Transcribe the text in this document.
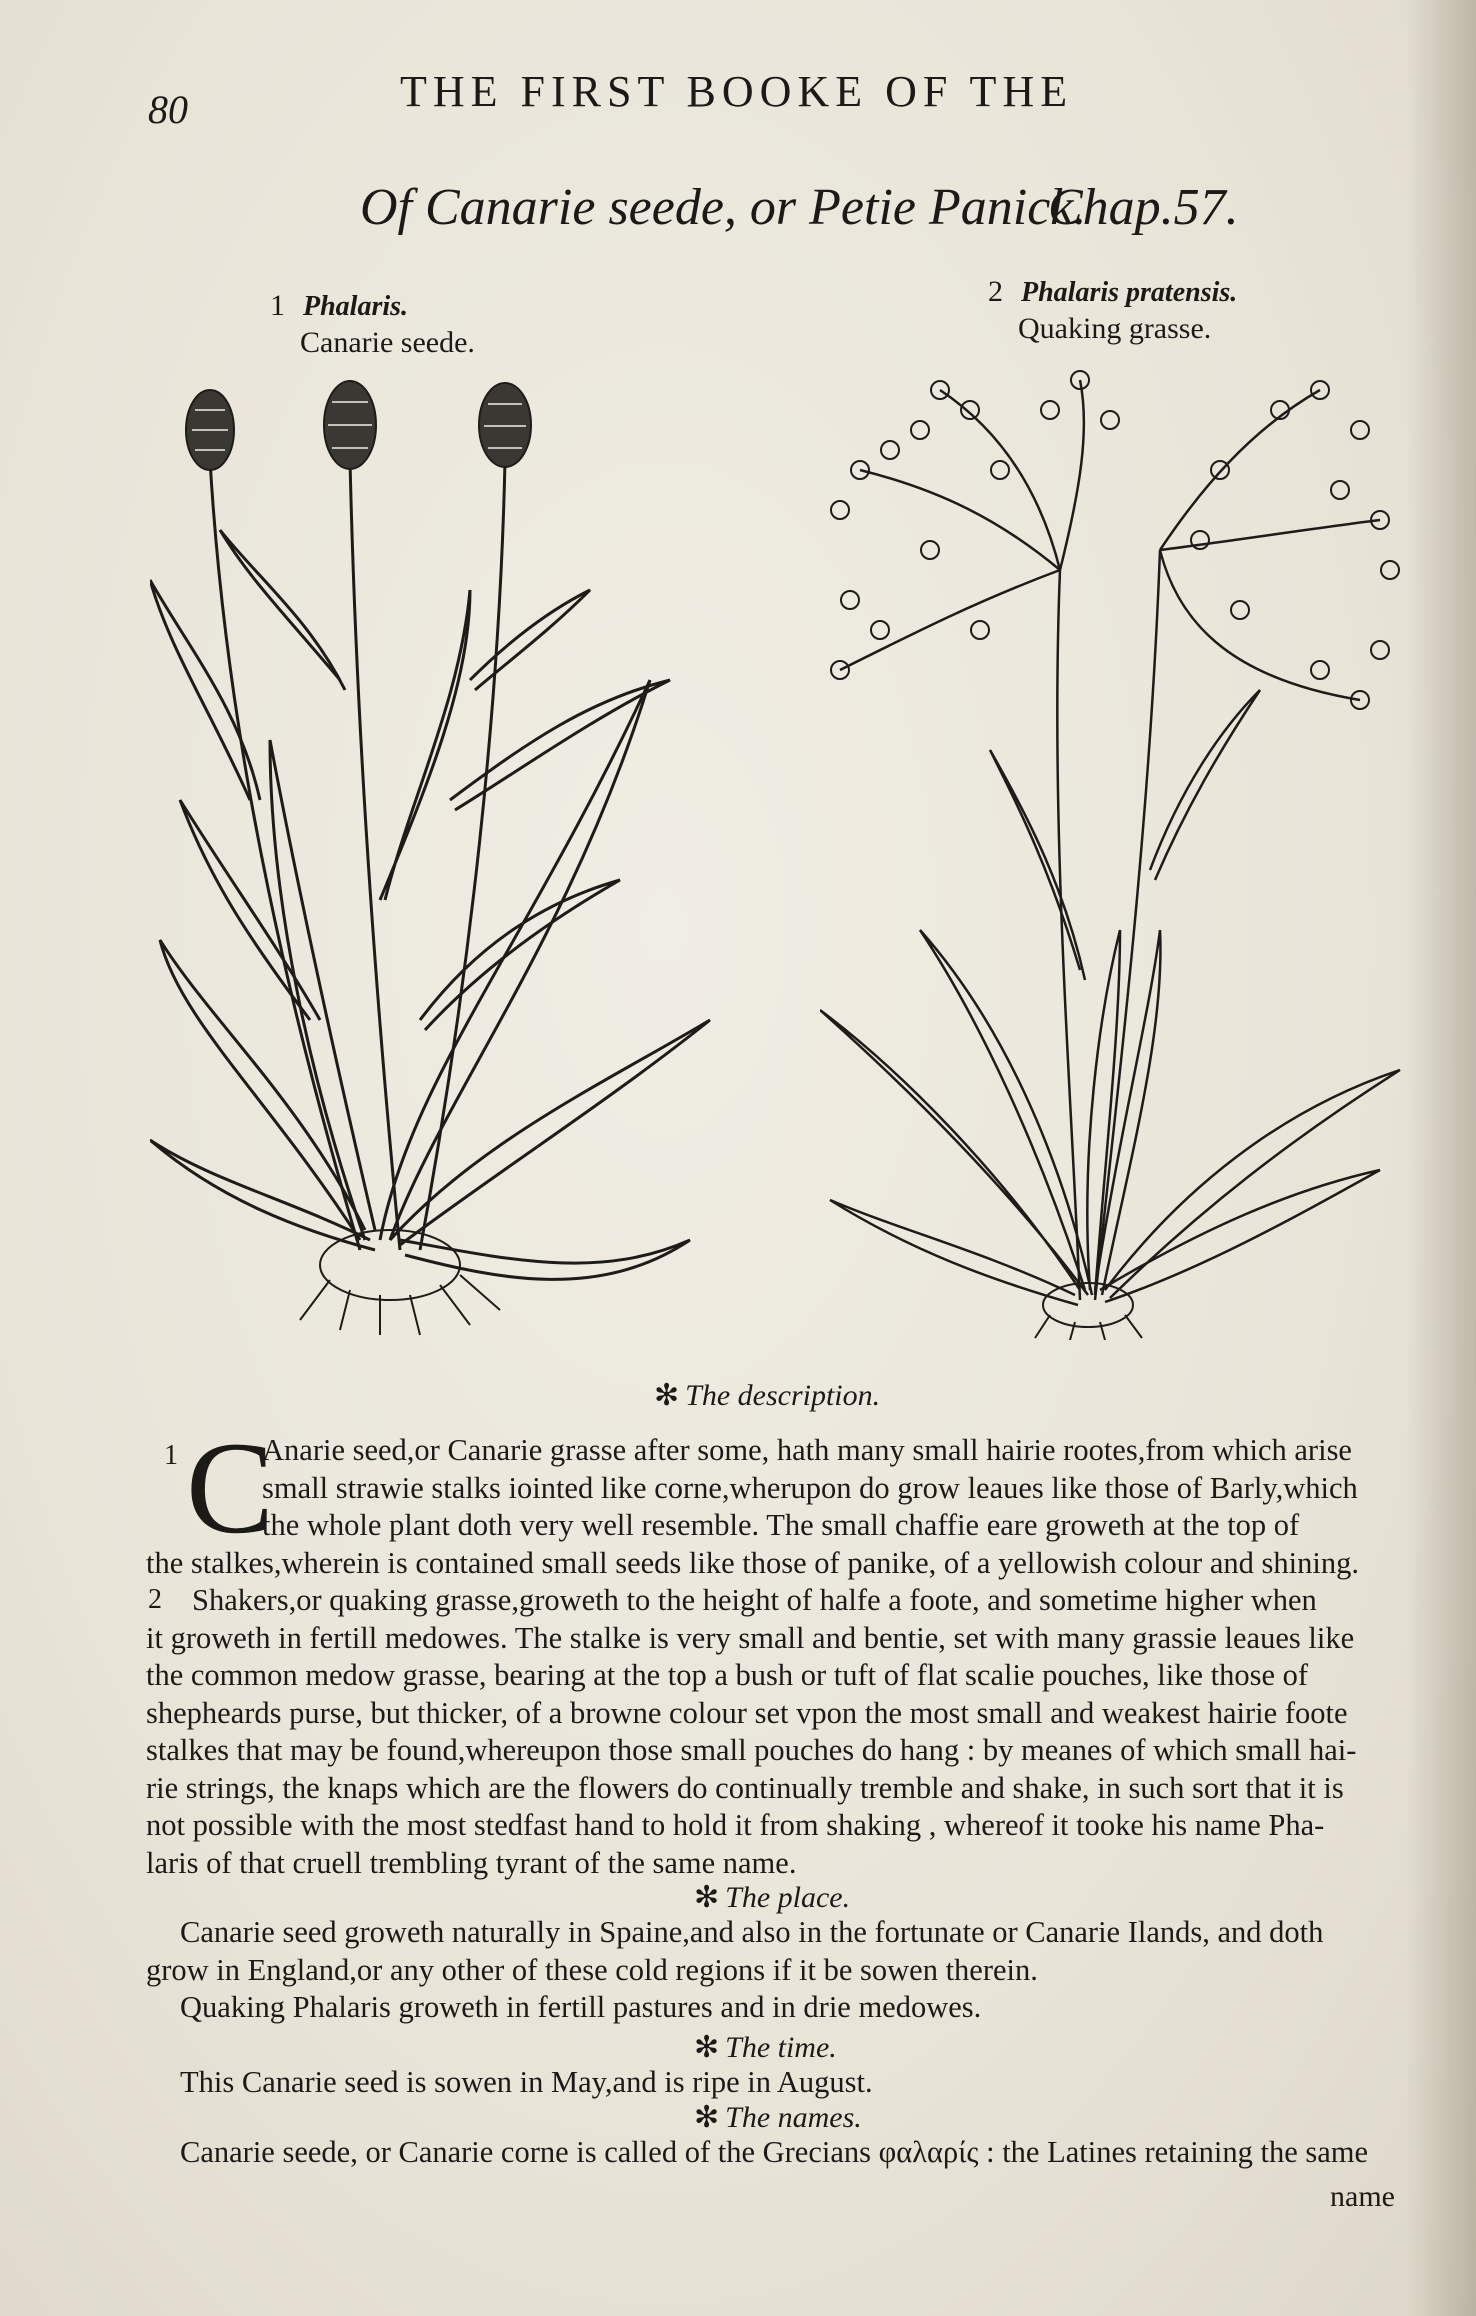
80	THE FIRST BOOKE OF THE
Of Canarie seede, or Petie Panick.
Chap.57.
1 Phalaris.
Canarie seede.
2 Phalaris pratensis.
Quaking grasse.
✻ The description.
1 C
Anarie seed,or Canarie grasse after some, hath many small hairie rootes,from which arise
small strawie stalks iointed like corne,wherupon do grow leaues like those of Barly,which
the whole plant doth very well resemble. The small chaffie eare groweth at the top of
the stalkes,wherein is contained small seeds like those of panike, of a yellowish colour and shining.
2 Shakers,or quaking grasse,groweth to the height of halfe a foote, and sometime higher when
it groweth in fertill medowes. The stalke is very small and bentie, set with many grassie leaues like
the common medow grasse, bearing at the top a bush or tuft of flat scalie pouches, like those of
shepheards purse, but thicker, of a browne colour set vpon the most small and weakest hairie foote
stalkes that may be found,whereupon those small pouches do hang : by meanes of which small hai-
rie strings, the knaps which are the flowers do continually tremble and shake, in such sort that it is
not possible with the most stedfast hand to hold it from shaking , whereof it tooke his name Pha-
laris of that cruell trembling tyrant of the same name.
✻ The place.
Canarie seed groweth naturally in Spaine,and also in the fortunate or Canarie Ilands, and doth
grow in England,or any other of these cold regions if it be sowen therein.
Quaking Phalaris groweth in fertill pastures and in drie medowes.
✻ The time.
This Canarie seed is sowen in May,and is ripe in August.
✻ The names.
Canarie seede, or Canarie corne is called of the Grecians φαλαρίς : the Latines retaining the same
name
